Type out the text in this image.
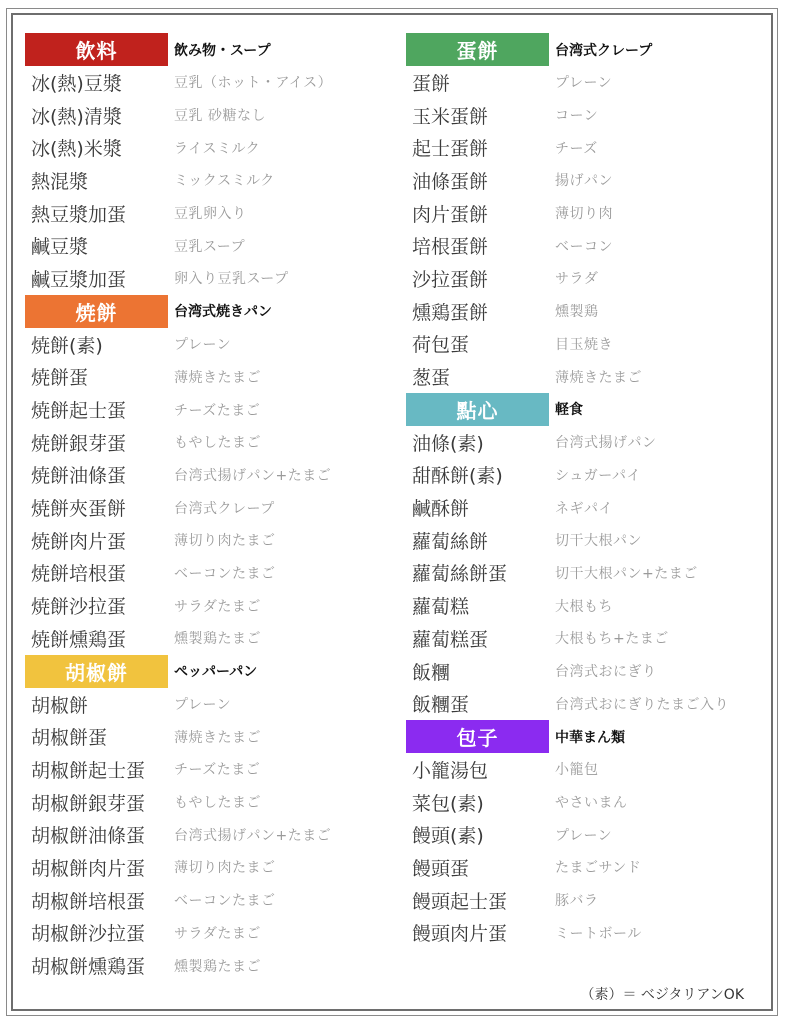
飲料	飲み物・スープ
冰(熱)豆漿	豆乳（ホット・アイス）
冰(熱)清漿	豆乳 砂糖なし
冰(熱)米漿	ライスミルク
熱混漿	ミックスミルク
熱豆漿加蛋	豆乳卵入り
鹹豆漿	豆乳スープ
鹹豆漿加蛋	卵入り豆乳スープ
焼餅	台湾式焼きパン
焼餅(素)	プレーン
焼餅蛋	薄焼きたまご
焼餅起士蛋	チーズたまご
焼餅銀芽蛋	もやしたまご
焼餅油條蛋	台湾式揚げパン+たまご
焼餅夾蛋餅	台湾式クレープ
焼餅肉片蛋	薄切り肉たまご
焼餅培根蛋	ベーコンたまご
焼餅沙拉蛋	サラダたまご
焼餅燻鶏蛋	燻製鶏たまご
胡椒餅	ペッパーパン
胡椒餅	プレーン
胡椒餅蛋	薄焼きたまご
胡椒餅起士蛋	チーズたまご
胡椒餅銀芽蛋	もやしたまご
胡椒餅油條蛋	台湾式揚げパン+たまご
胡椒餅肉片蛋	薄切り肉たまご
胡椒餅培根蛋	ベーコンたまご
胡椒餅沙拉蛋	サラダたまご
胡椒餅燻鶏蛋	燻製鶏たまご
蛋餅	台湾式クレープ
蛋餅	プレーン
玉米蛋餅	コーン
起士蛋餅	チーズ
油條蛋餅	揚げパン
肉片蛋餅	薄切り肉
培根蛋餅	ベーコン
沙拉蛋餅	サラダ
燻鶏蛋餅	燻製鶏
荷包蛋	目玉焼き
葱蛋	薄焼きたまご
點心	軽食
油條(素)	台湾式揚げパン
甜酥餅(素)	シュガーパイ
鹹酥餅	ネギパイ
蘿蔔絲餅	切干大根パン
蘿蔔絲餅蛋	切干大根パン+たまご
蘿蔔糕	大根もち
蘿蔔糕蛋	大根もち+たまご
飯糰	台湾式おにぎり
飯糰蛋	台湾式おにぎりたまご入り
包子	中華まん類
小籠湯包	小籠包
菜包(素)	やさいまん
饅頭(素)	プレーン
饅頭蛋	たまごサンド
饅頭起士蛋	豚バラ
饅頭肉片蛋	ミートボール
（素）＝ ベジタリアンOK
